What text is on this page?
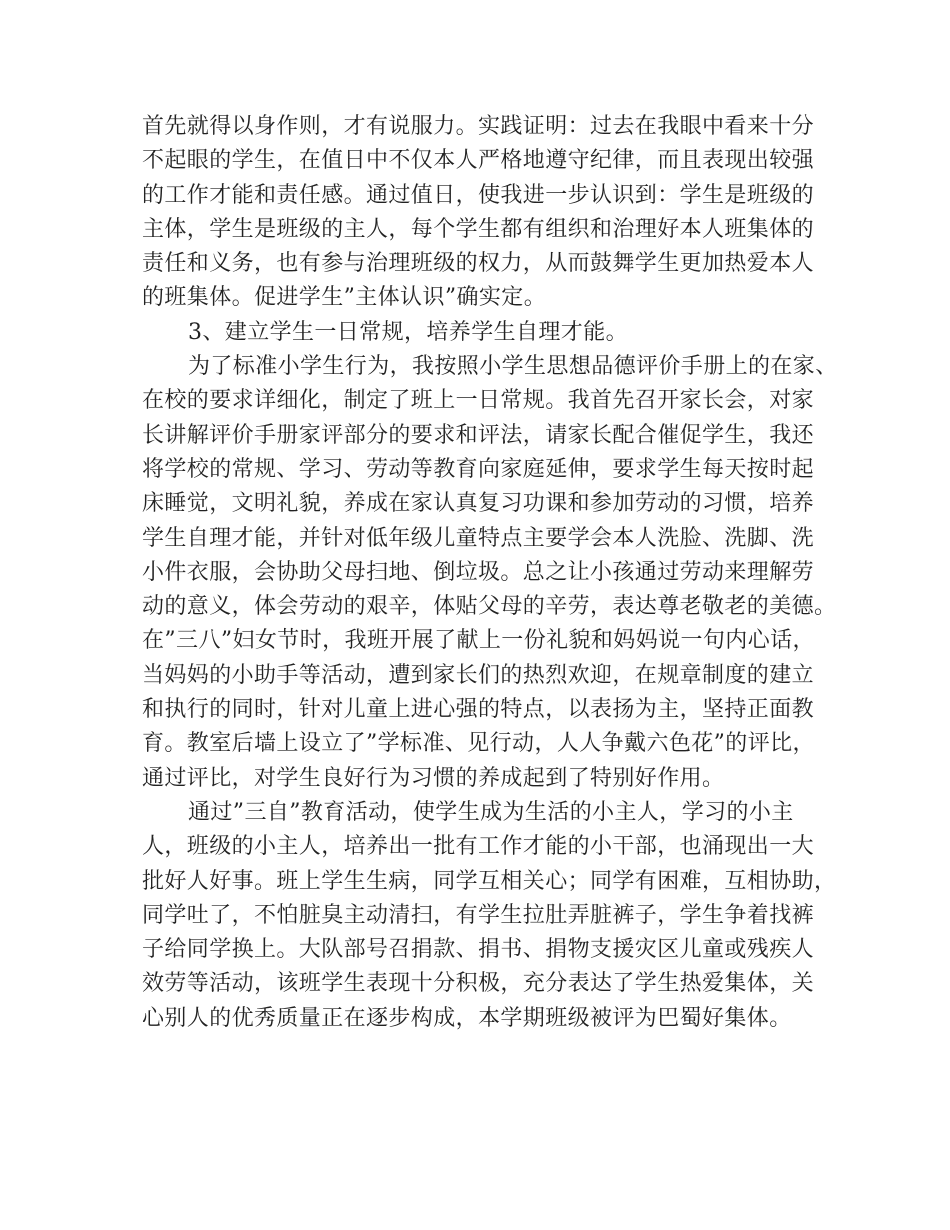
首先就得以身作则，才有说服力。实践证明：过去在我眼中看来十分
不起眼的学生，在值日中不仅本人严格地遵守纪律，而且表现出较强
的工作才能和责任感。通过值日，使我进一步认识到：学生是班级的
主体，学生是班级的主人，每个学生都有组织和治理好本人班集体的
责任和义务，也有参与治理班级的权力，从而鼓舞学生更加热爱本人
的班集体。促进学生”主体认识”确实定。
3、建立学生一日常规，培养学生自理才能。
为了标准小学生行为，我按照小学生思想品德评价手册上的在家、
在校的要求详细化，制定了班上一日常规。我首先召开家长会，对家
长讲解评价手册家评部分的要求和评法，请家长配合催促学生，我还
将学校的常规、学习、劳动等教育向家庭延伸，要求学生每天按时起
床睡觉，文明礼貌，养成在家认真复习功课和参加劳动的习惯，培养
学生自理才能，并针对低年级儿童特点主要学会本人洗脸、洗脚、洗
小件衣服，会协助父母扫地、倒垃圾。总之让小孩通过劳动来理解劳
动的意义，体会劳动的艰辛，体贴父母的辛劳，表达尊老敬老的美德。
在”三八”妇女节时，我班开展了献上一份礼貌和妈妈说一句内心话，
当妈妈的小助手等活动，遭到家长们的热烈欢迎，在规章制度的建立
和执行的同时，针对儿童上进心强的特点，以表扬为主，坚持正面教
育。教室后墙上设立了”学标准、见行动，人人争戴六色花”的评比，
通过评比，对学生良好行为习惯的养成起到了特别好作用。
通过”三自”教育活动，使学生成为生活的小主人，学习的小主
人，班级的小主人，培养出一批有工作才能的小干部，也涌现出一大
批好人好事。班上学生生病，同学互相关心；同学有困难，互相协助，
同学吐了，不怕脏臭主动清扫，有学生拉肚弄脏裤子，学生争着找裤
子给同学换上。大队部号召捐款、捐书、捐物支援灾区儿童或残疾人
效劳等活动，该班学生表现十分积极，充分表达了学生热爱集体，关
心别人的优秀质量正在逐步构成，本学期班级被评为巴蜀好集体。
